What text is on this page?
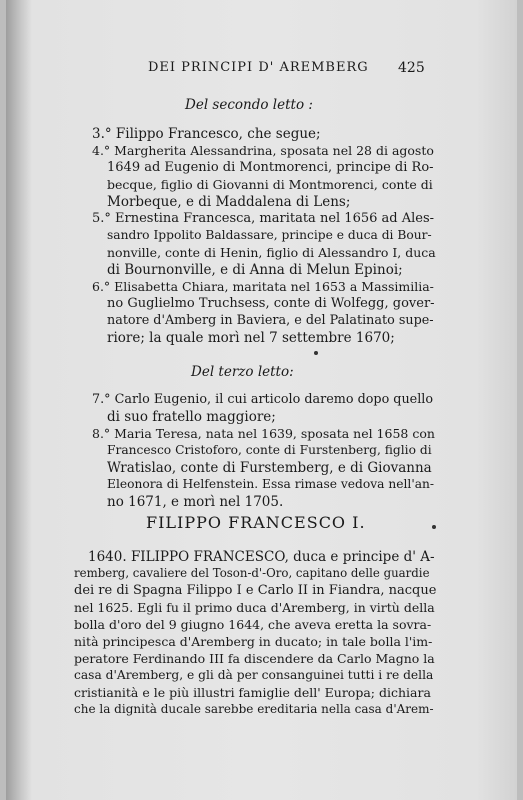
DEI PRINCIPI D' AREMBERG 425
Del secondo letto :
3.° Filippo Francesco, che segue;
4.° Margherita Alessandrina, sposata nel 28 di agosto
1649 ad Eugenio di Montmorenci, principe di Ro-
becque, figlio di Giovanni di Montmorenci, conte di
Morbeque, e di Maddalena di Lens;
5.° Ernestina Francesca, maritata nel 1656 ad Ales-
sandro Ippolito Baldassare, principe e duca di Bour-
nonville, conte di Henin, figlio di Alessandro I, duca
di Bournonville, e di Anna di Melun Epinoi;
6.° Elisabetta Chiara, maritata nel 1653 a Massimilia-
no Guglielmo Truchsess, conte di Wolfegg, gover-
natore d'Amberg in Baviera, e del Palatinato supe-
riore; la quale morì nel 7 settembre 1670;
Del terzo letto:
7.° Carlo Eugenio, il cui articolo daremo dopo quello
di suo fratello maggiore;
8.° Maria Teresa, nata nel 1639, sposata nel 1658 con
Francesco Cristoforo, conte di Furstenberg, figlio di
Wratislao, conte di Furstemberg, e di Giovanna
Eleonora di Helfenstein. Essa rimase vedova nell'an-
FILIPPO FRANCESCO I.
1640. FILIPPO FRANCESCO, duca e principe d' A-
remberg, cavaliere del Toson-d'-Oro, capitano delle guardie
dei re di Spagna Filippo I e Carlo II in Fiandra, nacque
nel 1625. Egli fu il primo duca d'Aremberg, in virtù della
bolla d'oro del 9 giugno 1644, che aveva eretta la sovra-
nità principesca d'Aremberg in ducato; in tale bolla l'im-
peratore Ferdinando III fa discendere da Carlo Magno la
casa d'Aremberg, e gli dà per consanguinei tutti i re della
cristianità e le più illustri famiglie dell' Europa; dichiara
che la dignità ducale sarebbe ereditaria nella casa d'Arem-
no 1671, e morì nel 1705.
